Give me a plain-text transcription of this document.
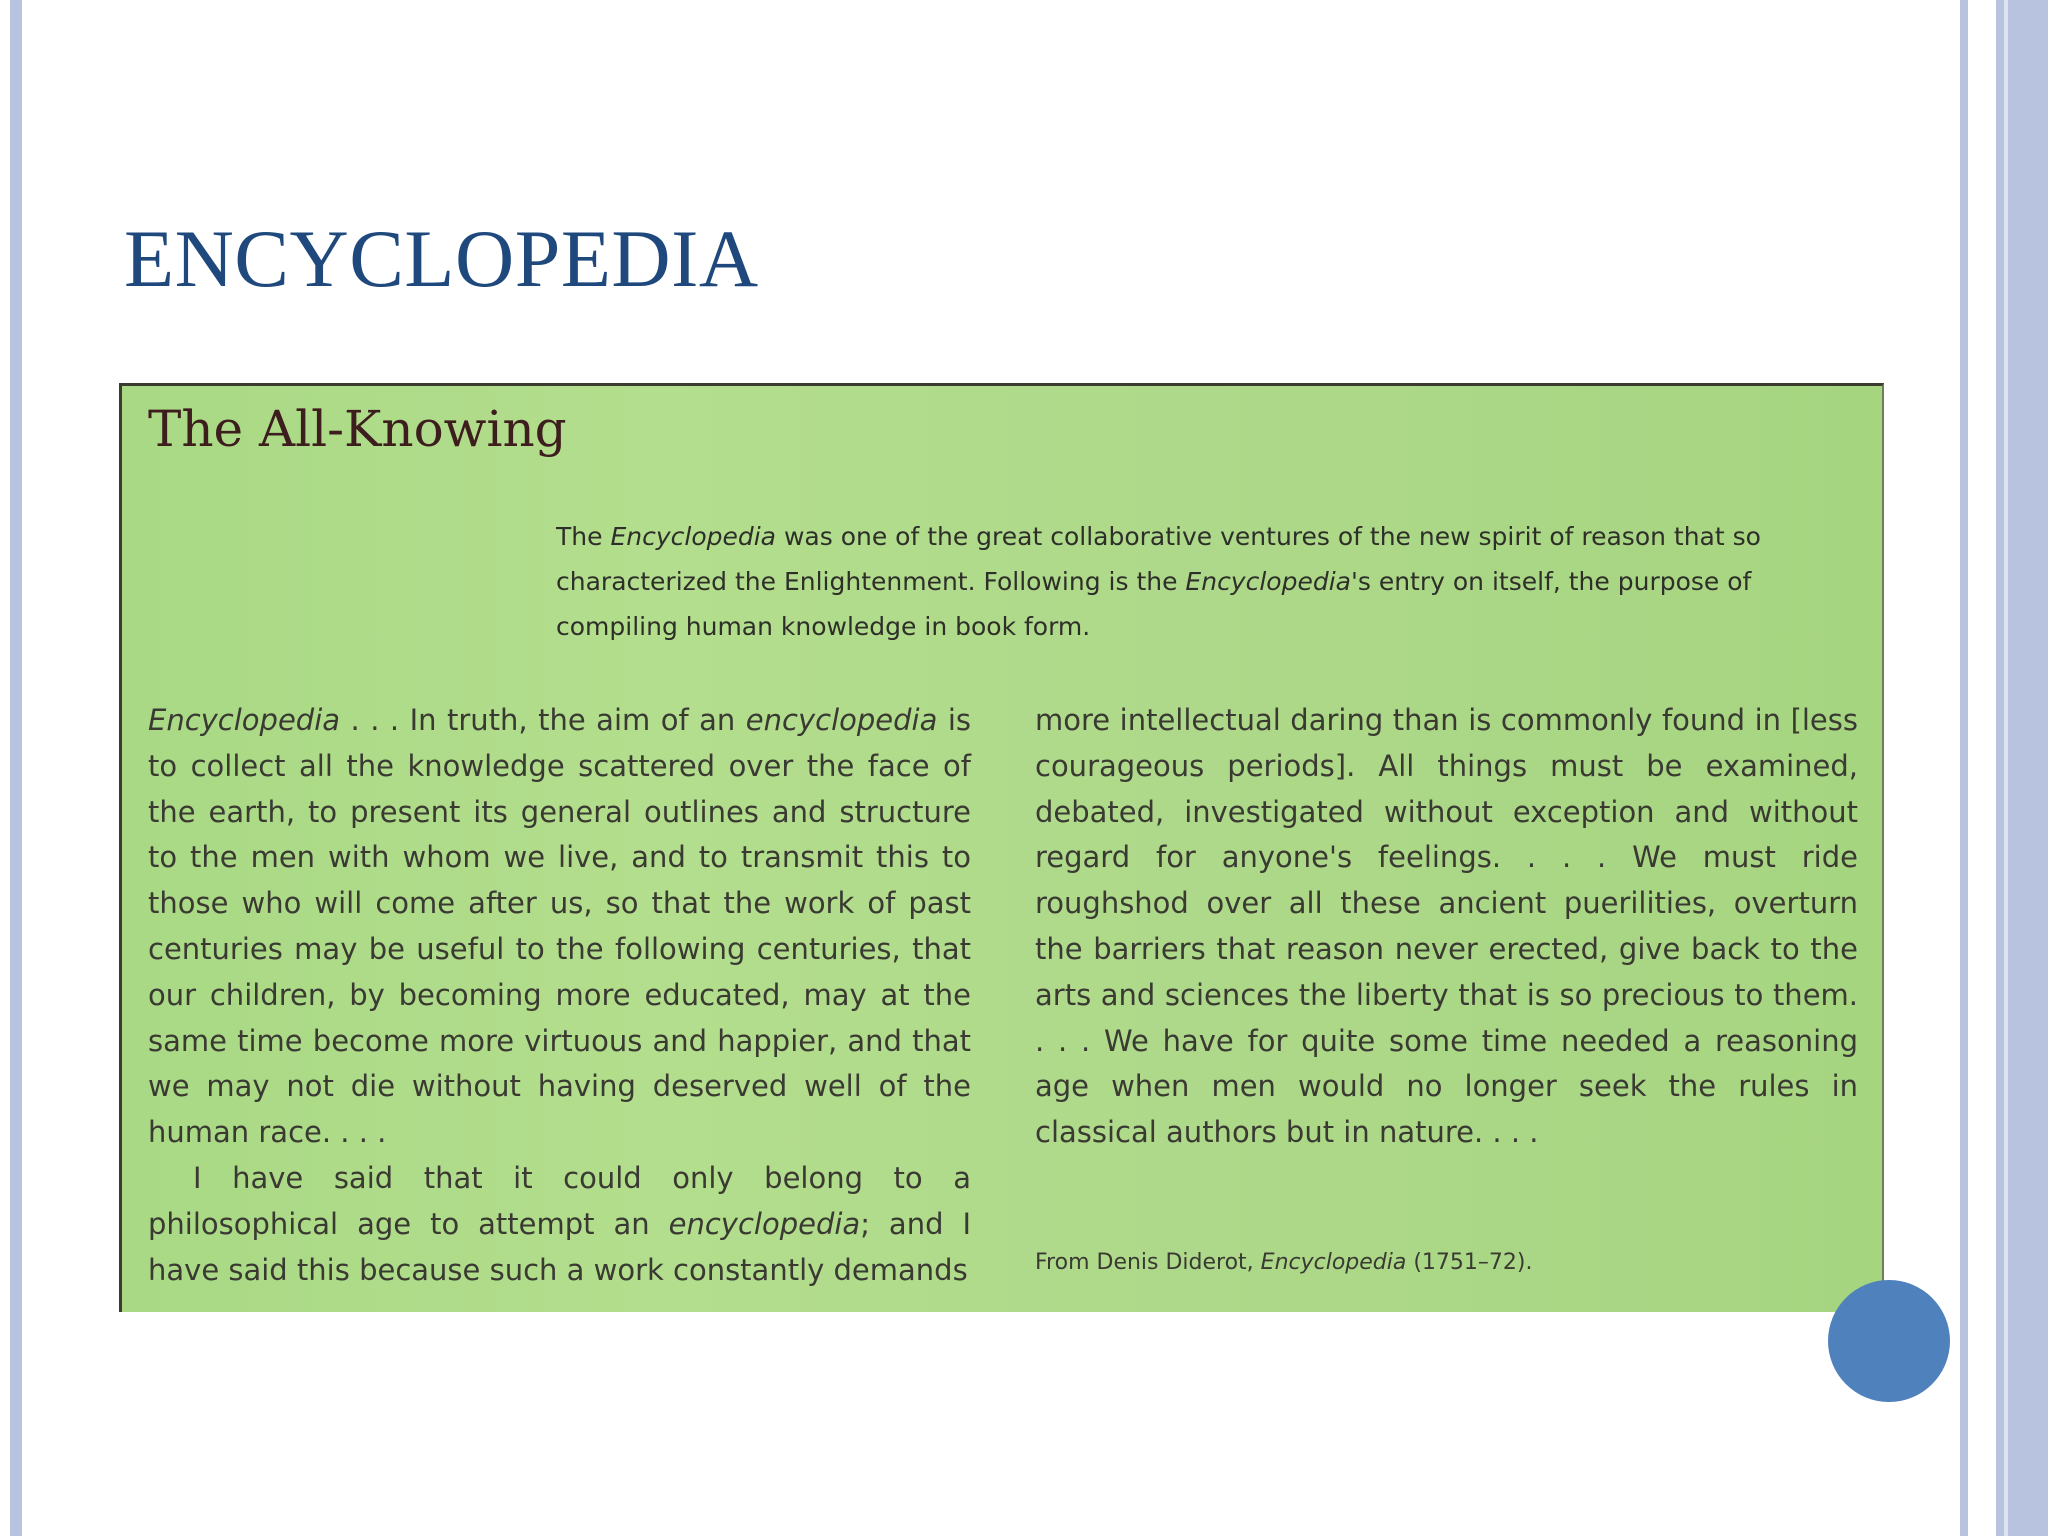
ENCYCLOPEDIA
The All-Knowing

The Encyclopedia was one of the great collaborative ventures of the new spirit of reason that so characterized the Enlightenment. Following is the Encyclopedia's entry on itself, the purpose of compiling human knowledge in book form.

Encyclopedia . . . In truth, the aim of an encyclopedia is to collect all the knowledge scattered over the face of the earth, to present its general outlines and structure to the men with whom we live, and to transmit this to those who will come after us, so that the work of past centuries may be useful to the following centuries, that our children, by becoming more educated, may at the same time become more virtuous and happier, and that we may not die without having deserved well of the human race. . . .

I have said that it could only belong to a philosophical age to attempt an encyclopedia; and I have said this because such a work constantly demands

more intellectual daring than is commonly found in [less courageous periods]. All things must be examined, debated, investigated without exception and without regard for anyone's feelings. . . . We must ride roughshod over all these ancient puerilities, overturn the barriers that reason never erected, give back to the arts and sciences the liberty that is so precious to them. . . . We have for quite some time needed a reasoning age when men would no longer seek the rules in classical authors but in nature. . . .

From Denis Diderot, Encyclopedia (1751–72).
